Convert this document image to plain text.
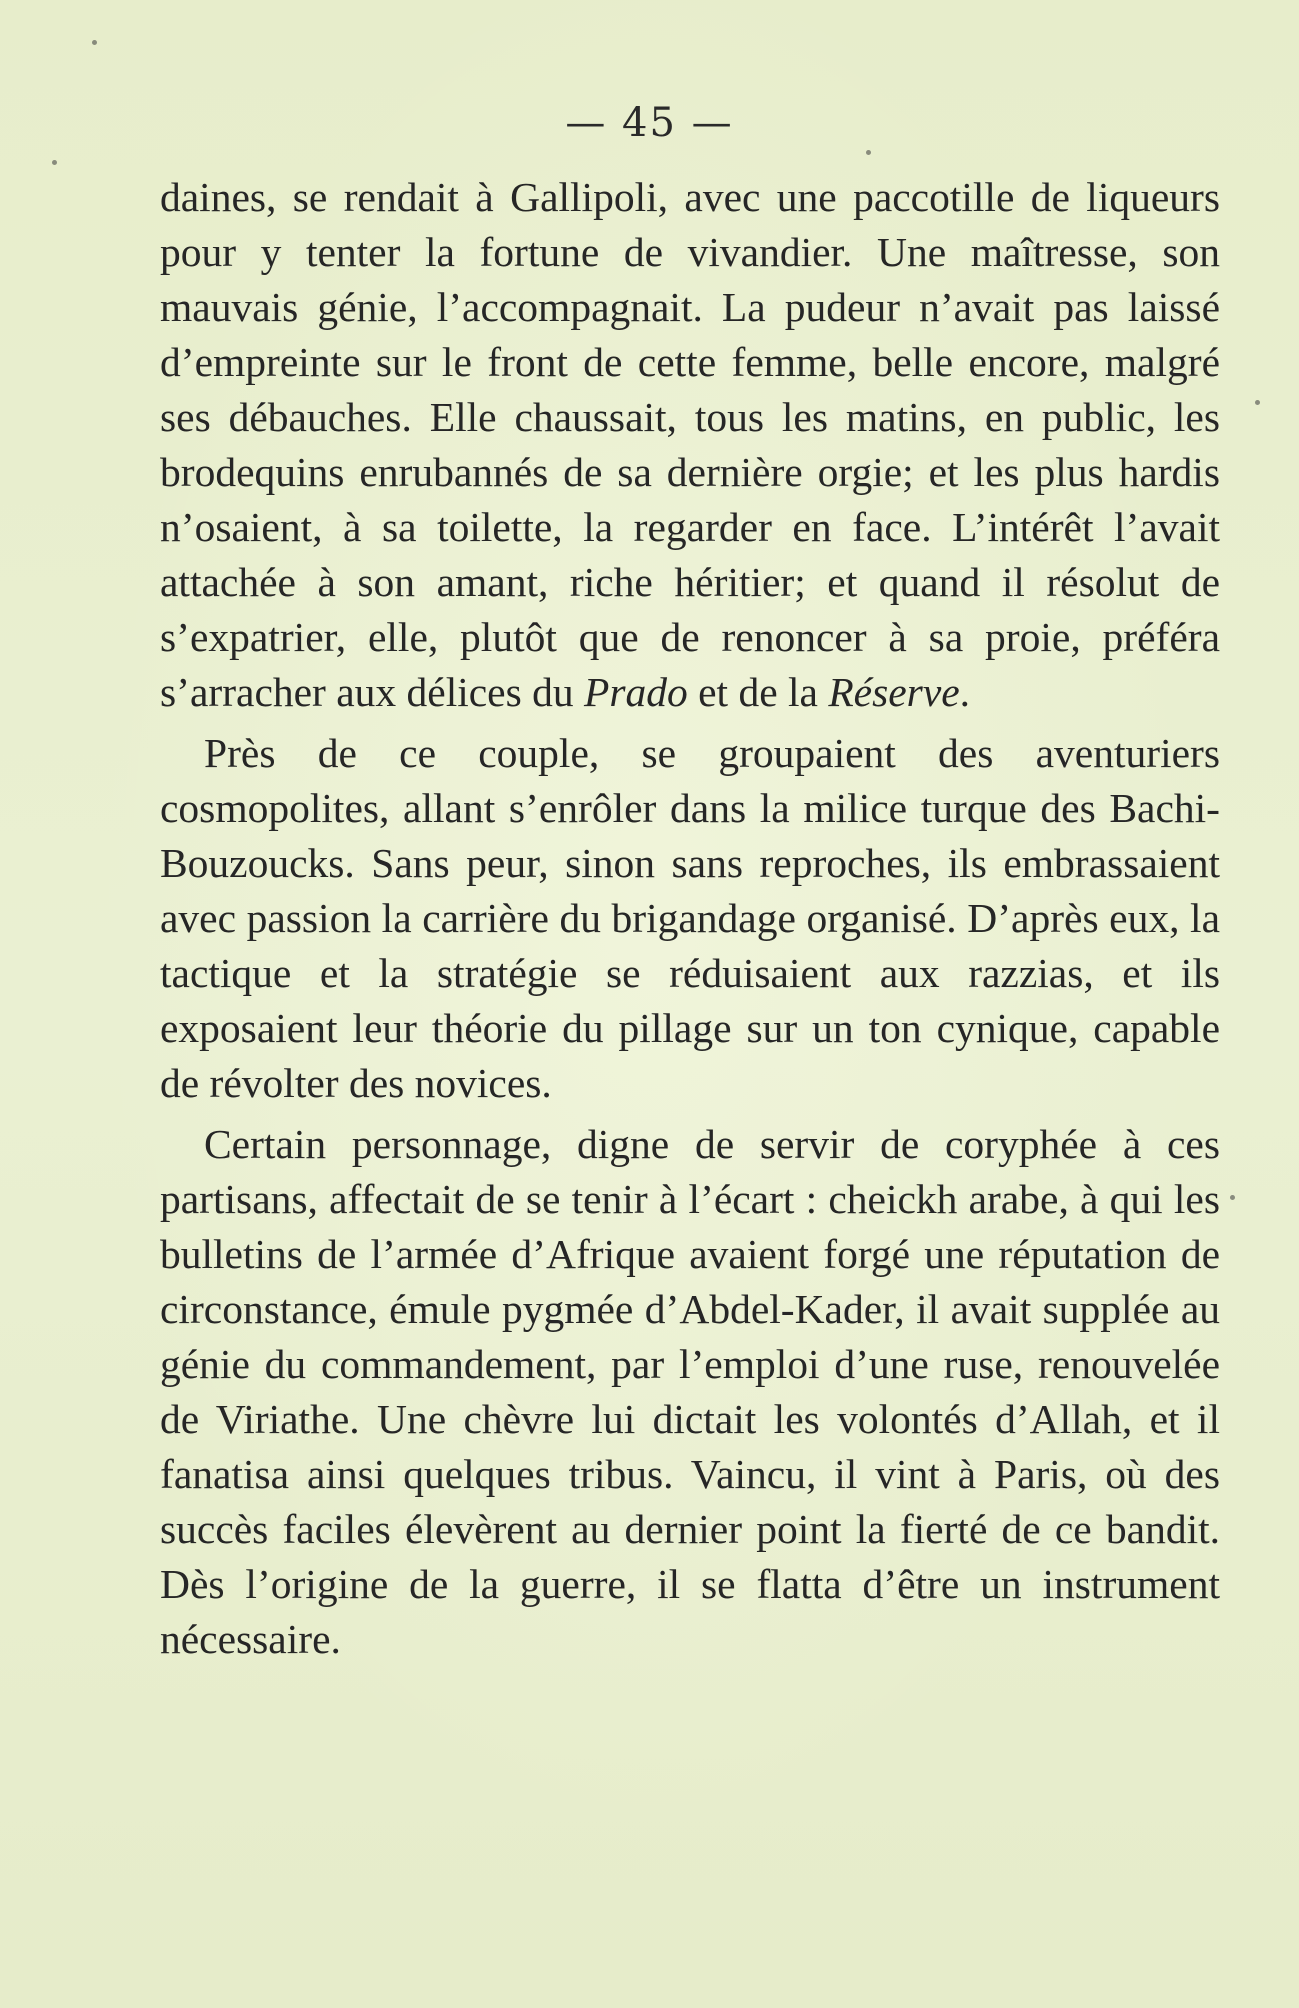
— 45 —

daines, se rendait à Gallipoli, avec une paccotille de liqueurs pour y tenter la fortune de vivandier. Une maîtresse, son mauvais génie, l’accompagnait. La pudeur n’avait pas laissé d’empreinte sur le front de cette femme, belle encore, malgré ses débauches. Elle chaussait, tous les matins, en public, les brodequins enrubannés de sa dernière orgie; et les plus hardis n’osaient, à sa toilette, la regarder en face. L’intérêt l’avait attachée à son amant, riche héritier; et quand il résolut de s’expatrier, elle, plutôt que de renoncer à sa proie, préféra s’arracher aux délices du Prado et de la Réserve.

Près de ce couple, se groupaient des aventuriers cosmopolites, allant s’enrôler dans la milice turque des Bachi-Bouzoucks. Sans peur, sinon sans reproches, ils embrassaient avec passion la carrière du brigandage organisé. D’après eux, la tactique et la stratégie se réduisaient aux razzias, et ils exposaient leur théorie du pillage sur un ton cynique, capable de révolter des novices.

Certain personnage, digne de servir de coryphée à ces partisans, affectait de se tenir à l’écart : cheickh arabe, à qui les bulletins de l’armée d’Afrique avaient forgé une réputation de circonstance, émule pygmée d’Abdel-Kader, il avait supplée au génie du commandement, par l’emploi d’une ruse, renouvelée de Viriathe. Une chèvre lui dictait les volontés d’Allah, et il fanatisa ainsi quelques tribus. Vaincu, il vint à Paris, où des succès faciles élevèrent au dernier point la fierté de ce bandit. Dès l’origine de la guerre, il se flatta d’être un instrument nécessaire.
